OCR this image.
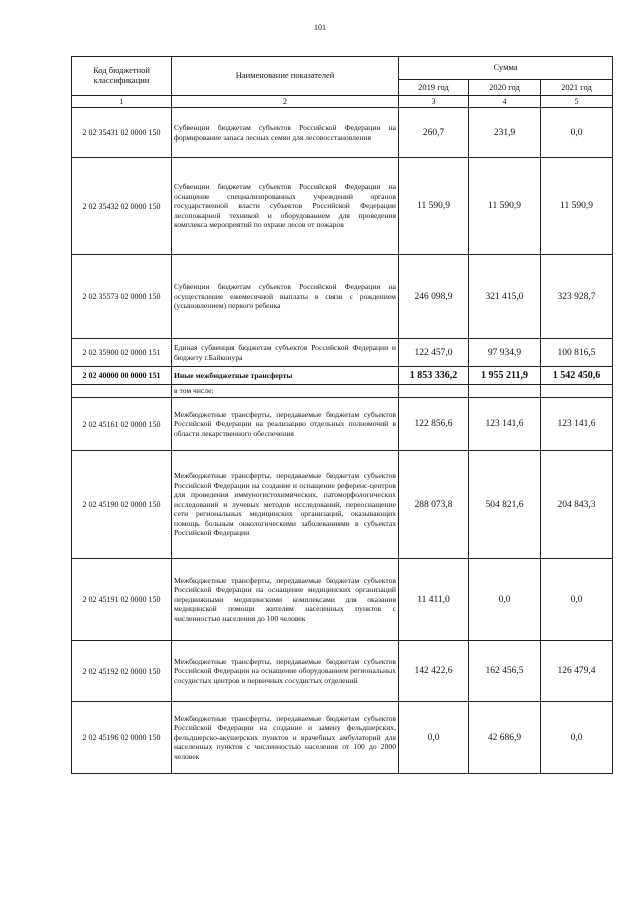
101
Код бюджетной классификации	Наименование показателей	Сумма		
		2019 год	2020 год	2021 год
1	2	3	4	5
2 02 35431 02 0000 150	Субвенции бюджетам субъектов Российской Федерации на формирование запаса лесных семян для лесовосстановления	260,7	231,9	0,0
2 02 35432 02 0000 150	Субвенции бюджетам субъектов Российской Федерации на оснащение специализированных учреждений органов государственной власти субъектов Российской Федерации лесопожарной техникой и оборудованием для проведения комплекса мероприятий по охране лесов от пожаров	11 590,9	11 590,9	11 590,9
2 02 35573 02 0000 150	Субвенции бюджетам субъектов Российской Федерации на осуществление ежемесячной выплаты в связи с рождением (усыновлением) первого ребенка	246 098,9	321 415,0	323 928,7
2 02 35900 02 0000 151	Единая субвенция бюджетам субъектов Российской Федерации и бюджету г.Байконура	122 457,0	97 934,9	100 816,5
2 02 40000 00 0000 151	Иные межбюджетные трансферты	1 853 336,2	1 955 211,9	1 542 450,6
	в том числе:			
2 02 45161 02 0000 150	Межбюджетные трансферты, передаваемые бюджетам субъектов Российской Федерации на реализацию отдельных полномочий в области лекарственного обеспечения	122 856,6	123 141,6	123 141,6
2 02 45190 02 0000 150	Межбюджетные трансферты, передаваемые бюджетам субъектов Российской Федерации на создание и оснащение референс-центров для проведения иммуногистохимических, патоморфологических исследований и лучевых методов исследований, переоснащение сети региональных медицинских организаций, оказывающих помощь больным онкологическими заболеваниями в субъектах Российской Федерации	288 073,8	504 821,6	204 843,3
2 02 45191 02 0000 150	Межбюджетные трансферты, передаваемые бюджетам субъектов Российской Федерации на оснащение медицинских организаций передвижными медицинскими комплексами для оказания медицинской помощи жителям населенных пунктов с численностью населения до 100 человек	11 411,0	0,0	0,0
2 02 45192 02 0000 150	Межбюджетные трансферты, передаваемые бюджетам субъектов Российской Федерации на оснащение оборудованием региональных сосудистых центров и первичных сосудистых отделений	142 422,6	162 456,5	126 479,4
2 02 45196 02 0000 150	Межбюджетные трансферты, передаваемые бюджетам субъектов Российской Федерации на создание и замену фельдшерских, фельдшерско-акушерских пунктов и врачебных амбулаторий для населенных пунктов с численностью населения от 100 до 2000 человек	0,0	42 686,9	0,0
